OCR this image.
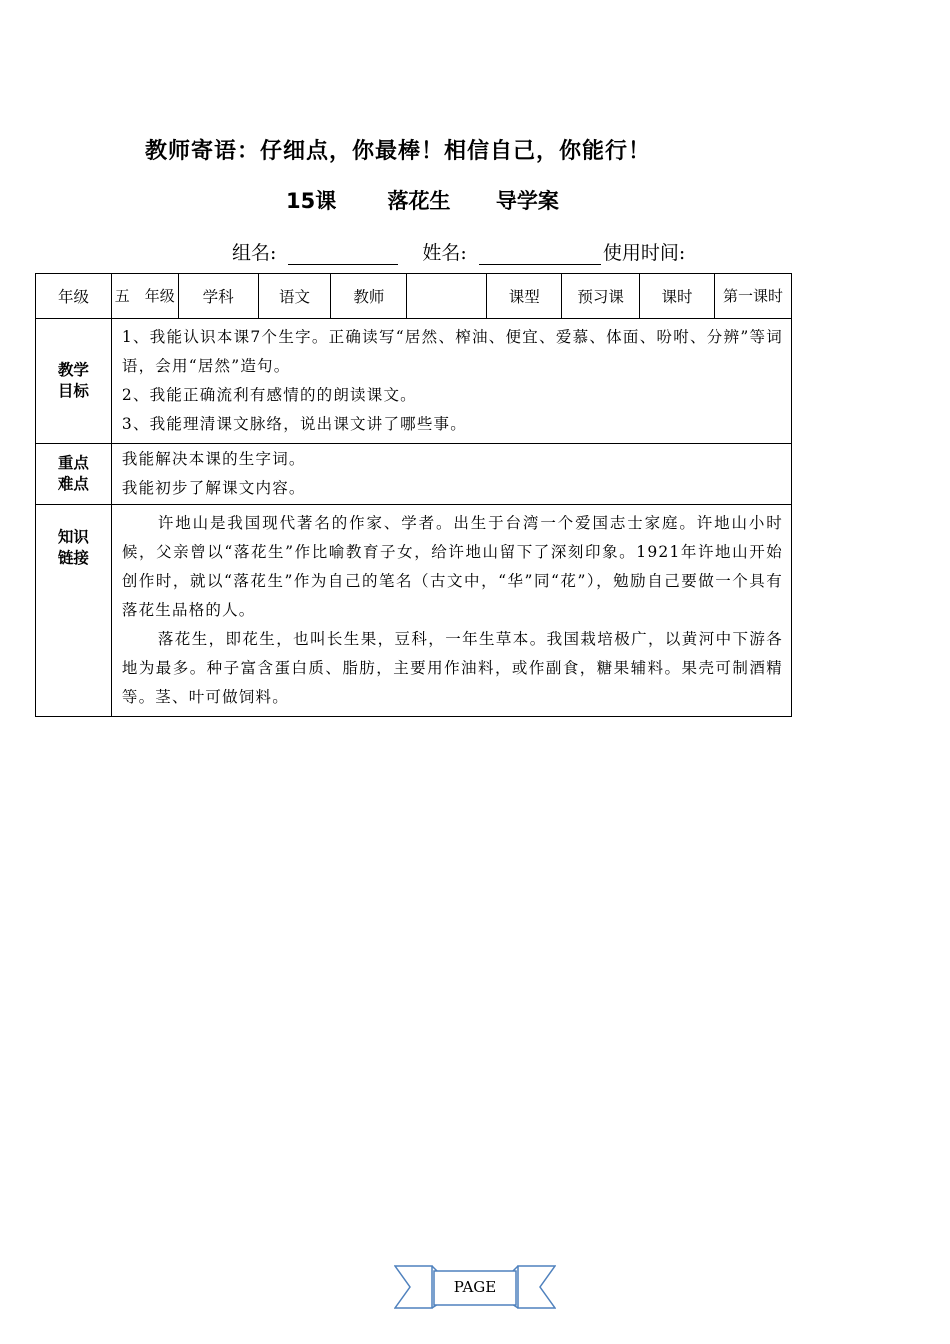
教师寄语：仔细点，你最棒！相信自己，你能行！
15课 落花生 导学案
组名:	姓名:	使用时间:
年级	五　年级	学科	语文	教师		课型	预习课	课时	第一课时
教学目标	1、我能认识本课7个生字。正确读写“居然、榨油、便宜、爱慕、体面、吩咐、分辨”等词语，会用“居然”造句。

2、我能正确流利有感情的的朗读课文。

3、我能理清课文脉络，说出课文讲了哪些事。								

重点难点	我能解决本课的生字词。

我能初步了解课文内容。								

知识链接	许地山是我国现代著名的作家、学者。出生于台湾一个爱国志士家庭。许地山小时候，父亲曾以“落花生”作比喻教育子女，给许地山留下了深刻印象。1921年许地山开始创作时，就以“落花生”作为自己的笔名（古文中，“华”同“花”），勉励自己要做一个具有落花生品格的人。

落花生，即花生，也叫长生果，豆科，一年生草本。我国栽培极广，以黄河中下游各地为最多。种子富含蛋白质、脂肪，主要用作油料，或作副食，糖果辅料。果壳可制酒精等。茎、叶可做饲料。								

PAGE
